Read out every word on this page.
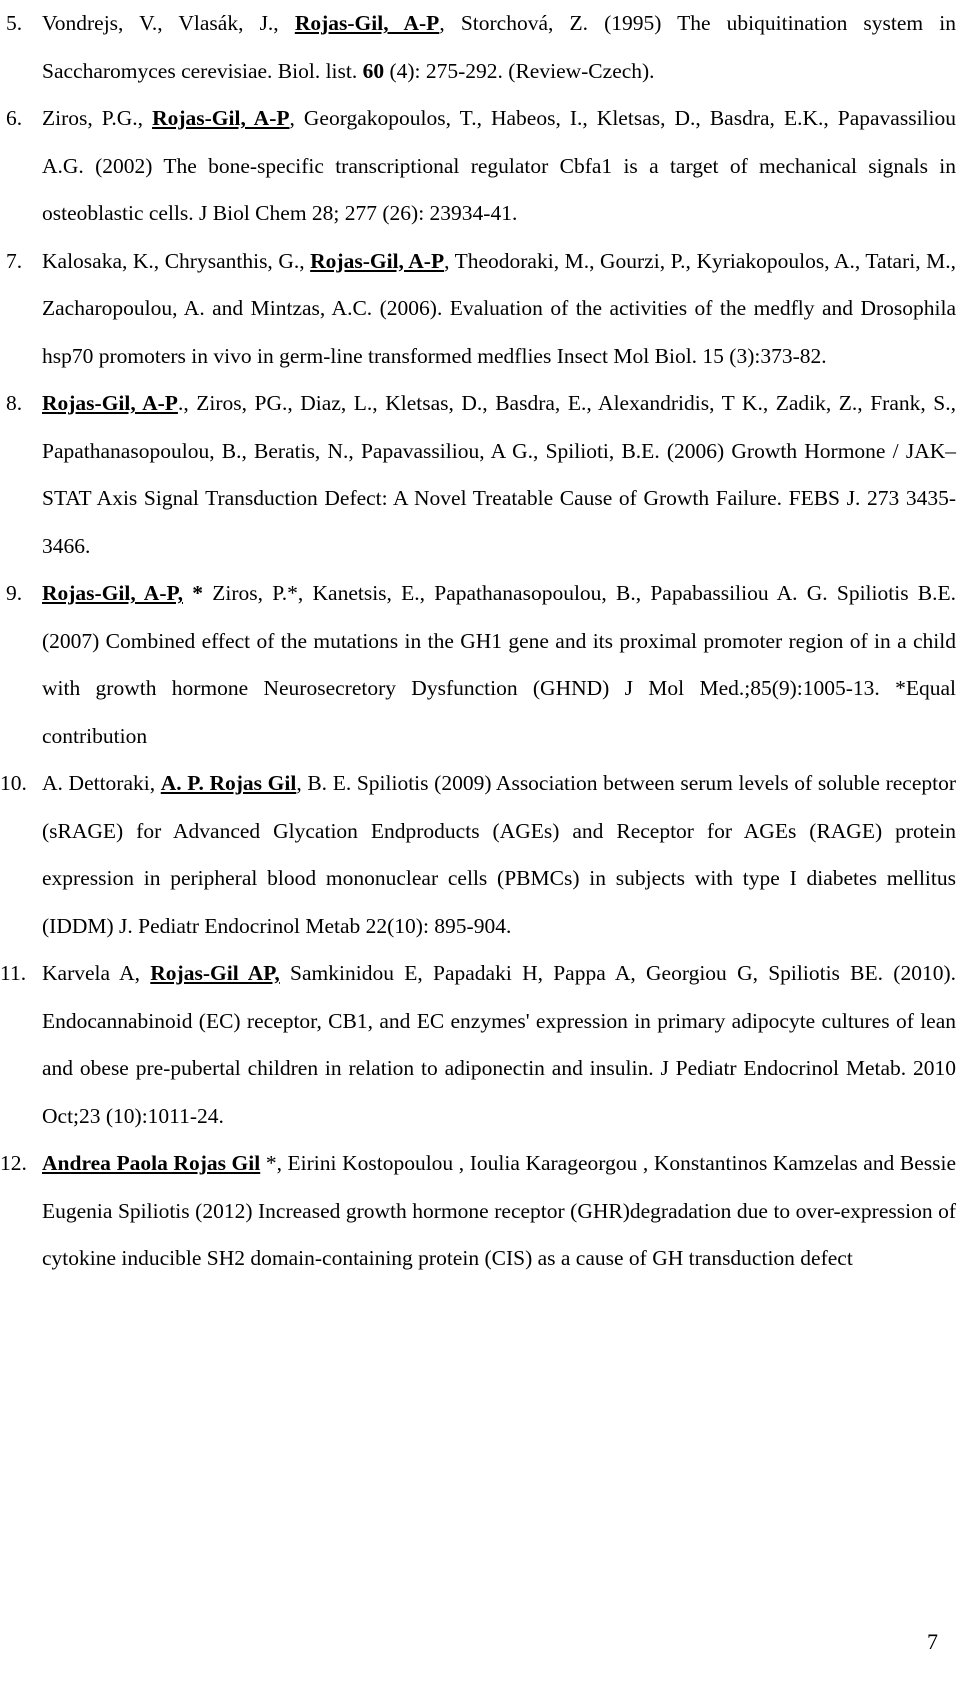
5. Vondrejs, V., Vlasák, J., Rojas-Gil, A-P, Storchová, Z. (1995) The ubiquitination system in Saccharomyces cerevisiae. Biol. list. 60 (4): 275-292. (Review-Czech).
6. Ziros, P.G., Rojas-Gil, A-P, Georgakopoulos, T., Habeos, I., Kletsas, D., Basdra, E.K., Papavassiliou A.G. (2002) The bone-specific transcriptional regulator Cbfa1 is a target of mechanical signals in osteoblastic cells. J Biol Chem 28; 277 (26): 23934-41.
7. Kalosaka, K., Chrysanthis, G., Rojas-Gil, A-P, Theodoraki, M., Gourzi, P., Kyriakopoulos, A., Tatari, M., Zacharopoulou, A. and Mintzas, A.C. (2006). Evaluation of the activities of the medfly and Drosophila hsp70 promoters in vivo in germ-line transformed medflies Insect Mol Biol. 15 (3):373-82.
8. Rojas-Gil, A-P., Ziros, PG., Diaz, L., Kletsas, D., Basdra, E., Alexandridis, T K., Zadik, Z., Frank, S., Papathanasopoulou, B., Beratis, N., Papavassiliou, A G., Spilioti, B.E. (2006) Growth Hormone / JAK–STAT Axis Signal Transduction Defect: A Novel Treatable Cause of Growth Failure. FEBS J. 273 3435-3466.
9. Rojas-Gil, A-P, * Ziros, P.*, Kanetsis, E., Papathanasopoulou, B., Papabassiliou A. G. Spiliotis B.E. (2007) Combined effect of the mutations in the GH1 gene and its proximal promoter region of in a child with growth hormone Neurosecretory Dysfunction (GHND) J Mol Med.;85(9):1005-13. *Equal contribution
10. A. Dettoraki, A. P. Rojas Gil, B. E. Spiliotis (2009) Association between serum levels of soluble receptor (sRAGE) for Advanced Glycation Endproducts (AGEs) and Receptor for AGEs (RAGE) protein expression in peripheral blood mononuclear cells (PBMCs) in subjects with type I diabetes mellitus (IDDM) J. Pediatr Endocrinol Metab 22(10): 895-904.
11. Karvela A, Rojas-Gil AP, Samkinidou E, Papadaki H, Pappa A, Georgiou G, Spiliotis BE. (2010). Endocannabinoid (EC) receptor, CB1, and EC enzymes' expression in primary adipocyte cultures of lean and obese pre-pubertal children in relation to adiponectin and insulin. J Pediatr Endocrinol Metab. 2010 Oct;23 (10):1011-24.
12. Andrea Paola Rojas Gil *, Eirini Kostopoulou , Ioulia Karageorgou , Konstantinos Kamzelas and Bessie Eugenia Spiliotis (2012) Increased growth hormone receptor (GHR)degradation due to over-expression of cytokine inducible SH2 domain-containing protein (CIS) as a cause of GH transduction defect
7
